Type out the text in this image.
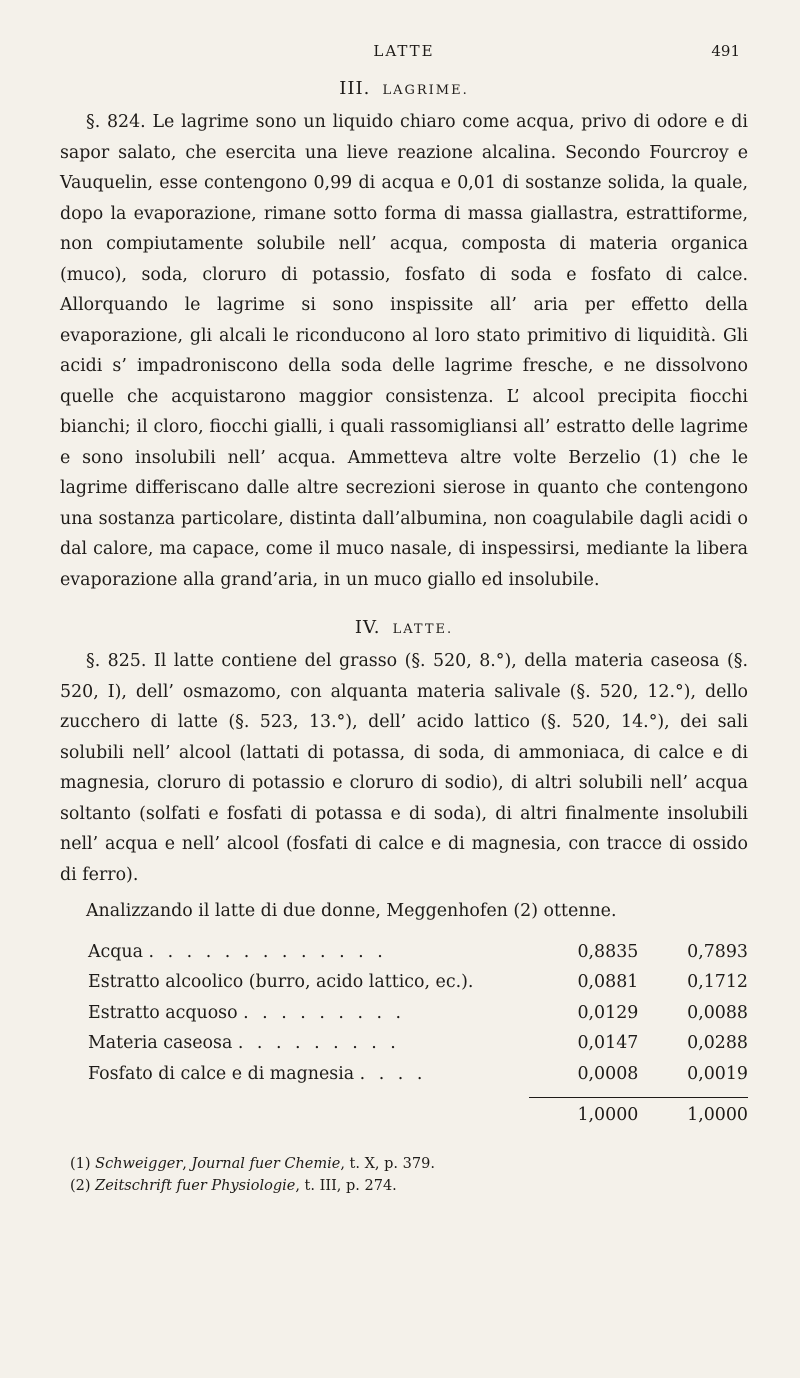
LATTE	491
III. LAGRIME.

§. 824. Le lagrime sono un liquido chiaro come acqua, privo di odore e di sapor salato, che esercita una lieve reazione alcalina. Secondo Fourcroy e Vauquelin, esse contengono 0,99 di acqua e 0,01 di sostanze solida, la quale, dopo la evaporazione, rimane sotto forma di massa giallastra, estrattiforme, non compiutamente solubile nell’ acqua, composta di materia organica (muco), soda, cloruro di potassio, fosfato di soda e fosfato di calce. Allorquando le lagrime si sono inspissite all’ aria per effetto della evaporazione, gli alcali le riconducono al loro stato primitivo di liquidità. Gli acidi s’ impadroniscono della soda delle lagrime fresche, e ne dissolvono quelle che acquistarono maggior consistenza. L’ alcool precipita fiocchi bianchi; il cloro, fiocchi gialli, i quali rassomigliansi all’ estratto delle lagrime e sono insolubili nell’ acqua. Ammetteva altre volte Berzelio (1) che le lagrime differiscano dalle altre secrezioni sierose in quanto che contengono una sostanza particolare, distinta dall’albumina, non coagulabile dagli acidi o dal calore, ma capace, come il muco nasale, di inspessirsi, mediante la libera evaporazione alla grand’aria, in un muco giallo ed insolubile.

IV. LATTE.

§. 825. Il latte contiene del grasso (§. 520, 8.°), della materia caseosa (§. 520, I), dell’ osmazomo, con alquanta materia salivale (§. 520, 12.°), dello zucchero di latte (§. 523, 13.°), dell’ acido lattico (§. 520, 14.°), dei sali solubili nell’ alcool (lattati di potassa, di soda, di ammoniaca, di calce e di magnesia, cloruro di potassio e cloruro di sodio), di altri solubili nell’ acqua soltanto (solfati e fosfati di potassa e di soda), di altri finalmente insolubili nell’ acqua e nell’ alcool (fosfati di calce e di magnesia, con tracce di ossido di ferro).

Analizzando il latte di due donne, Meggenhofen (2) ottenne.

Acqua . . . . . . . . . . . . .	0,8835	0,7893
Estratto alcoolico (burro, acido lattico, ec.).	0,0881	0,1712
Estratto acquoso . . . . . . . . .	0,0129	0,0088
Materia caseosa . . . . . . . . .	0,0147	0,0288
Fosfato di calce e di magnesia . . . .	0,0008	0,0019
1,0000	1,0000
(1) Schweigger, Journal fuer Chemie, t. X, p. 379.
(2) Zeitschrift fuer Physiologie, t. III, p. 274.
